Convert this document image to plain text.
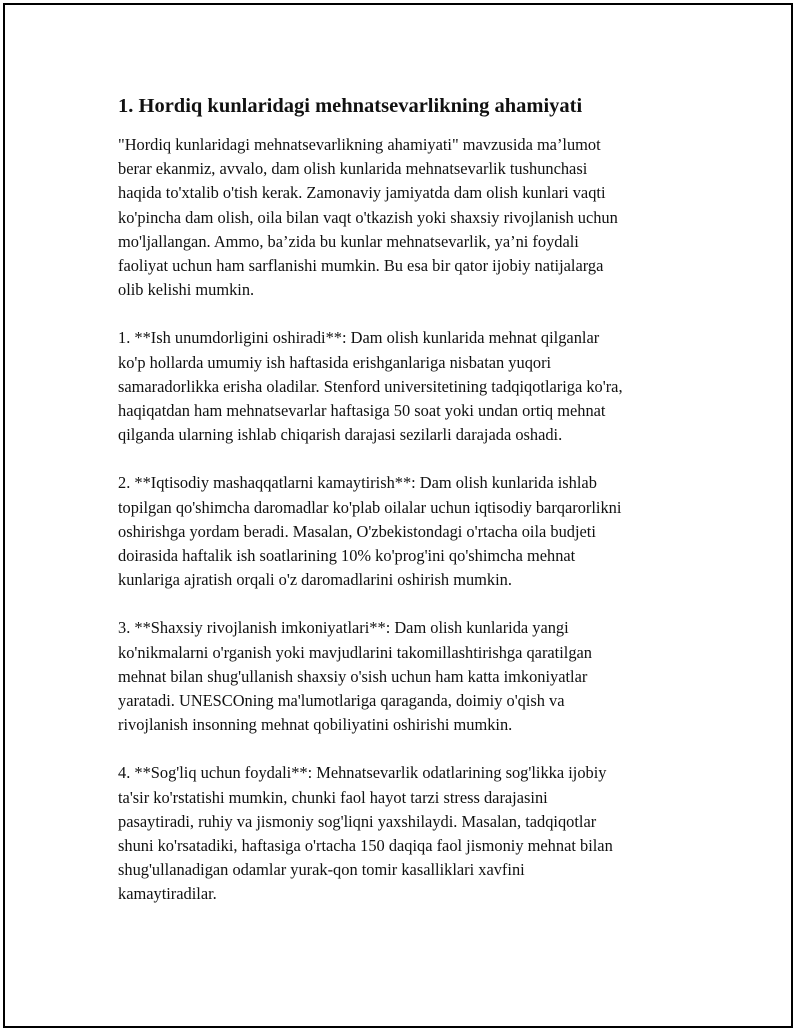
1. Hordiq kunlaridagi mehnatsevarlikning ahamiyati

"Hordiq kunlaridagi mehnatsevarlikning ahamiyati" mavzusida ma’lumot
berar ekanmiz, avvalo, dam olish kunlarida mehnatsevarlik tushunchasi
haqida to'xtalib o'tish kerak. Zamonaviy jamiyatda dam olish kunlari vaqti
ko'pincha dam olish, oila bilan vaqt o'tkazish yoki shaxsiy rivojlanish uchun
mo'ljallangan. Ammo, ba’zida bu kunlar mehnatsevarlik, ya’ni foydali
faoliyat uchun ham sarflanishi mumkin. Bu esa bir qator ijobiy natijalarga
olib kelishi mumkin.

1. **Ish unumdorligini oshiradi**: Dam olish kunlarida mehnat qilganlar
ko'p hollarda umumiy ish haftasida erishganlariga nisbatan yuqori
samaradorlikka erisha oladilar. Stenford universitetining tadqiqotlariga ko'ra,
haqiqatdan ham mehnatsevarlar haftasiga 50 soat yoki undan ortiq mehnat
qilganda ularning ishlab chiqarish darajasi sezilarli darajada oshadi.

2. **Iqtisodiy mashaqqatlarni kamaytirish**: Dam olish kunlarida ishlab
topilgan qo'shimcha daromadlar ko'plab oilalar uchun iqtisodiy barqarorlikni
oshirishga yordam beradi. Masalan, O'zbekistondagi o'rtacha oila budjeti
doirasida haftalik ish soatlarining 10% ko'prog'ini qo'shimcha mehnat
kunlariga ajratish orqali o'z daromadlarini oshirish mumkin.

3. **Shaxsiy rivojlanish imkoniyatlari**: Dam olish kunlarida yangi
ko'nikmalarni o'rganish yoki mavjudlarini takomillashtirishga qaratilgan
mehnat bilan shug'ullanish shaxsiy o'sish uchun ham katta imkoniyatlar
yaratadi. UNESCOning ma'lumotlariga qaraganda, doimiy o'qish va
rivojlanish insonning mehnat qobiliyatini oshirishi mumkin.

4. **Sog'liq uchun foydali**: Mehnatsevarlik odatlarining sog'likka ijobiy
ta'sir ko'rstatishi mumkin, chunki faol hayot tarzi stress darajasini
pasaytiradi, ruhiy va jismoniy sog'liqni yaxshilaydi. Masalan, tadqiqotlar
shuni ko'rsatadiki, haftasiga o'rtacha 150 daqiqa faol jismoniy mehnat bilan
shug'ullanadigan odamlar yurak-qon tomir kasalliklari xavfini
kamaytiradilar.
